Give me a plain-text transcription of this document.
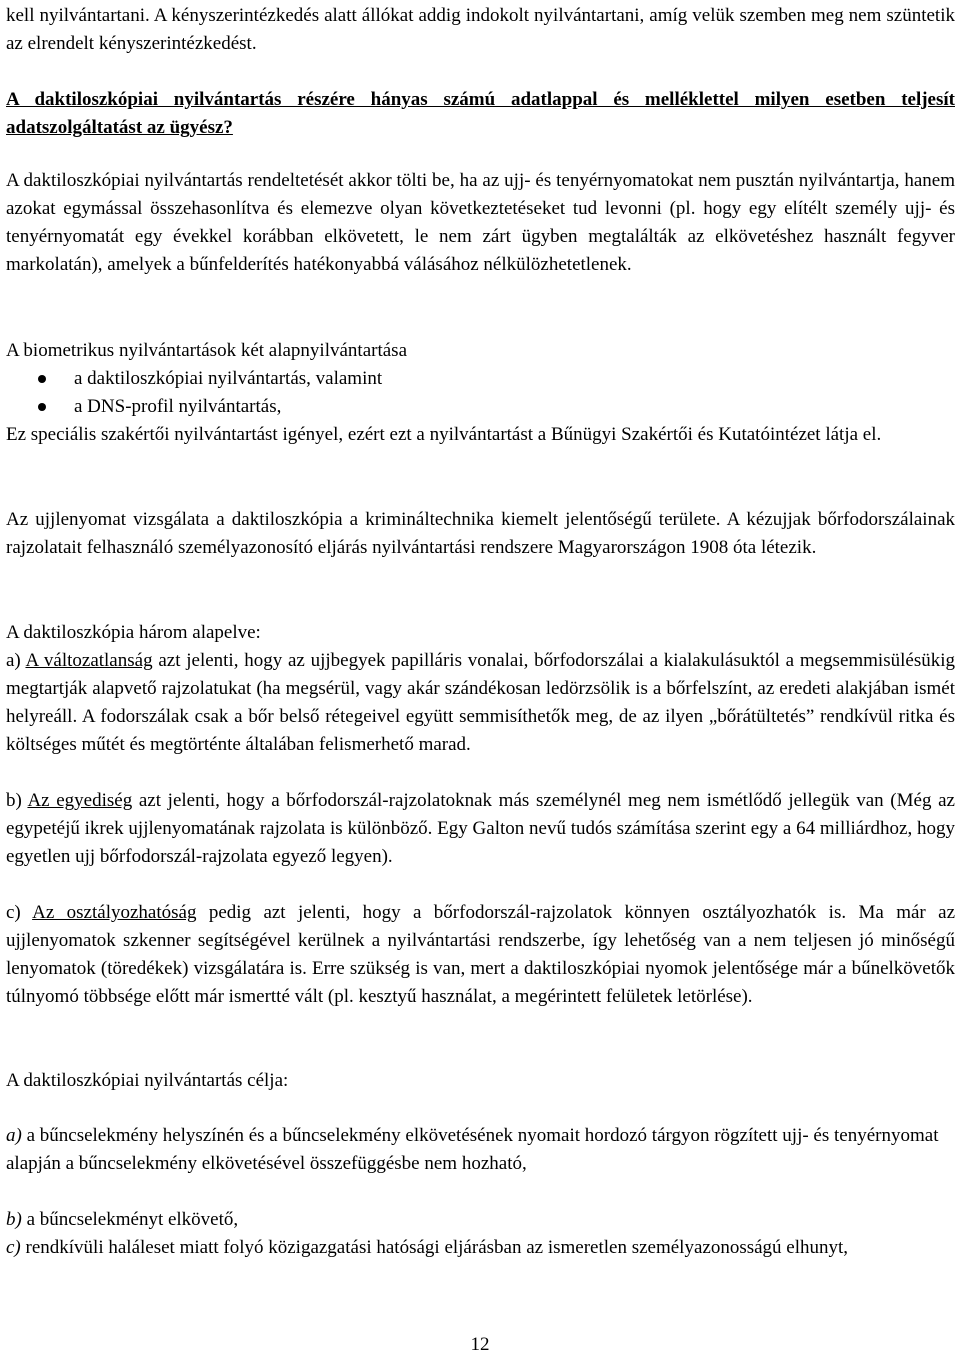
kell nyilvántartani. A kényszerintézkedés alatt állókat addig indokolt nyilvántartani, amíg velük szemben meg nem szüntetik az elrendelt kényszerintézkedést.

A daktiloszkópiai nyilvántartás részére hányas számú adatlappal és melléklettel milyen esetben teljesít adatszolgáltatást az ügyész?

A daktiloszkópiai nyilvántartás rendeltetését akkor tölti be, ha az ujj- és tenyérnyomatokat nem pusztán nyilvántartja, hanem azokat egymással összehasonlítva és elemezve olyan következtetéseket tud levonni (pl. hogy egy elítélt személy ujj- és tenyérnyomatát egy évekkel korábban elkövetett, le nem zárt ügyben megtalálták az elkövetéshez használt fegyver markolatán), amelyek a bűnfelderítés hatékonyabbá válásához nélkülözhetetlenek.

A biometrikus nyilvántartások két alapnyilvántartása

a daktiloszkópiai nyilvántartás, valamint
a DNS-profil nyilvántartás,

Ez speciális szakértői nyilvántartást igényel, ezért ezt a nyilvántartást a Bűnügyi Szakértői és Kutatóintézet látja el.

Az ujjlenyomat vizsgálata a daktiloszkópia a krimináltechnika kiemelt jelentőségű területe. A kézujjak bőrfodorszálainak rajzolatait felhasználó személyazonosító eljárás nyilvántartási rendszere Magyarországon 1908 óta létezik.

A daktiloszkópia három alapelve:

a) A változatlanság azt jelenti, hogy az ujjbegyek papilláris vonalai, bőrfodorszálai a kialakulásuktól a megsemmisülésükig megtartják alapvető rajzolatukat (ha megsérül, vagy akár szándékosan ledörzsölik is a bőrfelszínt, az eredeti alakjában ismét helyreáll. A fodorszálak csak a bőr belső rétegeivel együtt semmisíthetők meg, de az ilyen „bőrátültetés” rendkívül ritka és költséges műtét és megtörténte általában felismerhető marad.

b) Az egyediség azt jelenti, hogy a bőrfodorszál-rajzolatoknak más személynél meg nem ismétlődő jellegük van (Még az egypetéjű ikrek ujjlenyomatának rajzolata is különböző. Egy Galton nevű tudós számítása szerint egy a 64 milliárdhoz, hogy egyetlen ujj bőrfodorszál-rajzolata egyező legyen).

c) Az osztályozhatóság pedig azt jelenti, hogy a bőrfodorszál-rajzolatok könnyen osztályozhatók is. Ma már az ujjlenyomatok szkenner segítségével kerülnek a nyilvántartási rendszerbe, így lehetőség van a nem teljesen jó minőségű lenyomatok (töredékek) vizsgálatára is. Erre szükség is van, mert a daktiloszkópiai nyomok jelentősége már a bűnelkövetők túlnyomó többsége előtt már ismertté vált (pl. kesztyű használat, a megérintett felületek letörlése).

A daktiloszkópiai nyilvántartás célja:

a) a bűncselekmény helyszínén és a bűncselekmény elkövetésének nyomait hordozó tárgyon rögzített ujj- és tenyérnyomat alapján a bűncselekmény elkövetésével összefüggésbe nem hozható,

b) a bűncselekményt elkövető,

c) rendkívüli haláleset miatt folyó közigazgatási hatósági eljárásban az ismeretlen személyazonosságú elhunyt,

12
